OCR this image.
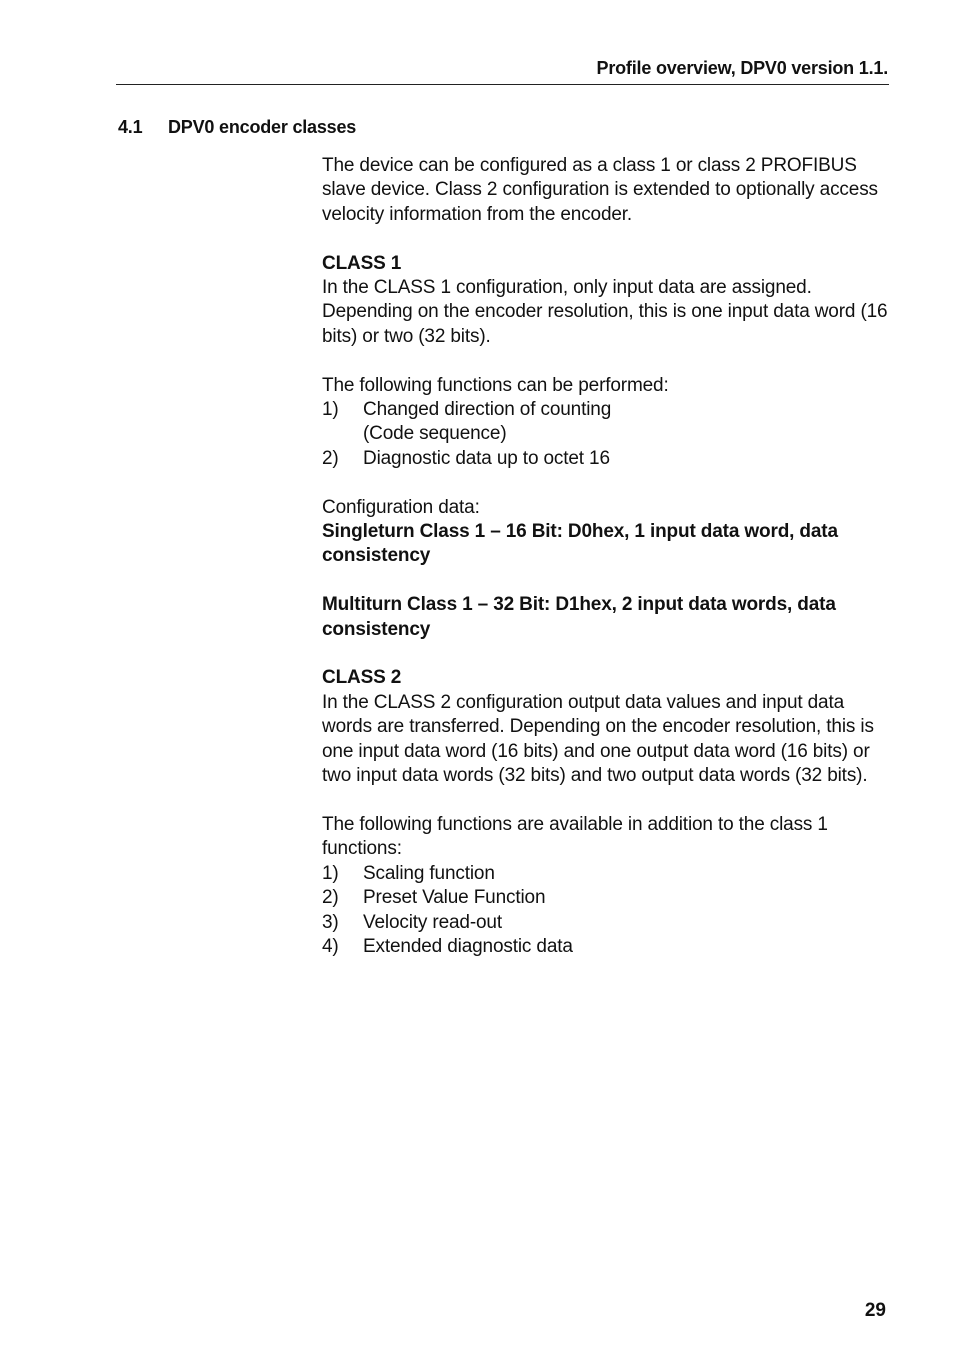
Profile overview, DPV0 version 1.1.
4.1 DPV0 encoder classes

The device can be configured as a class 1 or class 2 PROFIBUS slave device. Class 2 configuration is extended to optionally access velocity information from the encoder.

CLASS 1

In the CLASS 1 configuration, only input data are assigned. Depending on the encoder resolution, this is one input data word (16 bits) or two (32 bits).

The following functions can be performed:

1)	Changed direction of counting
(Code sequence)
2)	Diagnostic data up to octet 16

Configuration data:

Singleturn Class 1 – 16 Bit: D0hex, 1 input data word, data consistency

Multiturn Class 1 – 32 Bit: D1hex, 2 input data words, data consistency

CLASS 2

In the CLASS 2 configuration output data values and input data words are transferred. Depending on the encoder resolution, this is one input data word (16 bits) and one output data word (16 bits) or two input data words (32 bits) and two output data words (32 bits).

The following functions are available in addition to the class 1 functions:

1)	Scaling function
2)	Preset Value Function
3)	Velocity read-out
4)	Extended diagnostic data
29
